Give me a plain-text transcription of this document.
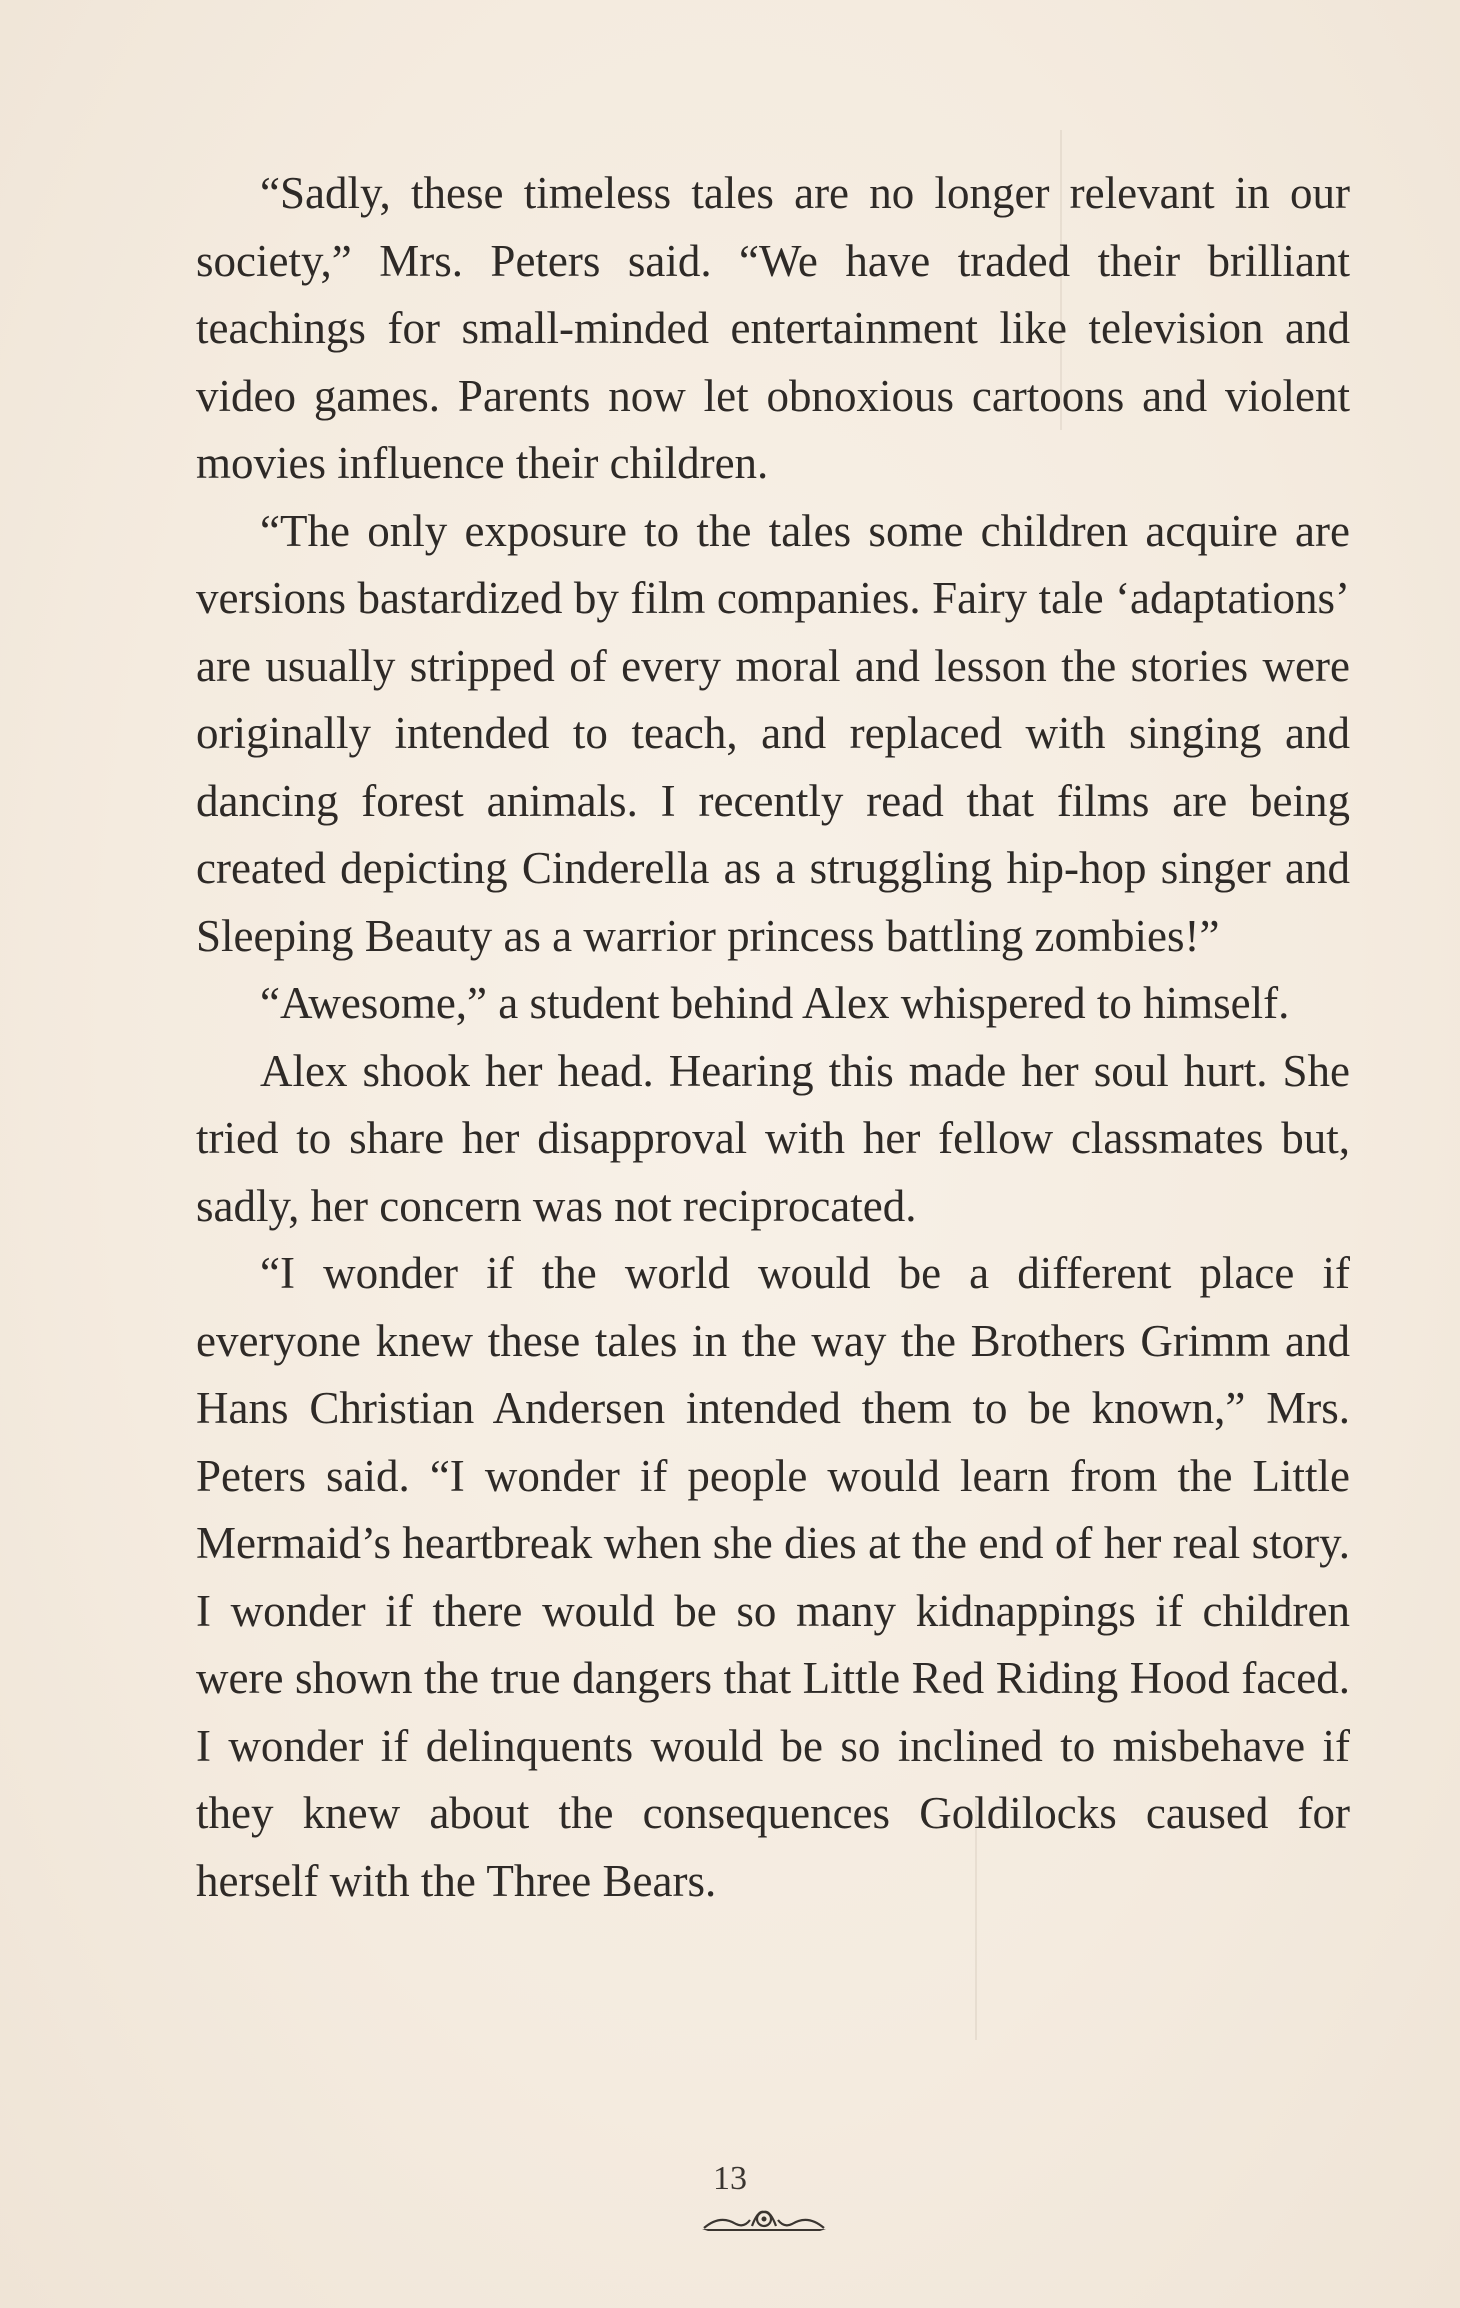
“Sadly, these timeless tales are no longer relevant in our society,” Mrs. Peters said. “We have traded their brilliant teachings for small-minded entertainment like television and video games. Parents now let obnoxious cartoons and violent movies influence their children.

“The only exposure to the tales some children acquire are versions bastardized by film companies. Fairy tale ‘adaptations’ are usually stripped of every moral and lesson the stories were originally intended to teach, and replaced with singing and dancing forest animals. I recently read that films are being created depicting Cinderella as a struggling hip-hop singer and Sleeping Beauty as a warrior princess battling zombies!”

“Awesome,” a student behind Alex whispered to himself.

Alex shook her head. Hearing this made her soul hurt. She tried to share her disapproval with her fellow classmates but, sadly, her concern was not reciprocated.

“I wonder if the world would be a different place if everyone knew these tales in the way the Brothers Grimm and Hans Christian Andersen intended them to be known,” Mrs. Peters said. “I wonder if people would learn from the Little Mermaid’s heartbreak when she dies at the end of her real story. I wonder if there would be so many kidnappings if children were shown the true dangers that Little Red Riding Hood faced. I wonder if delinquents would be so inclined to misbehave if they knew about the consequences Goldilocks caused for herself with the Three Bears.

13
